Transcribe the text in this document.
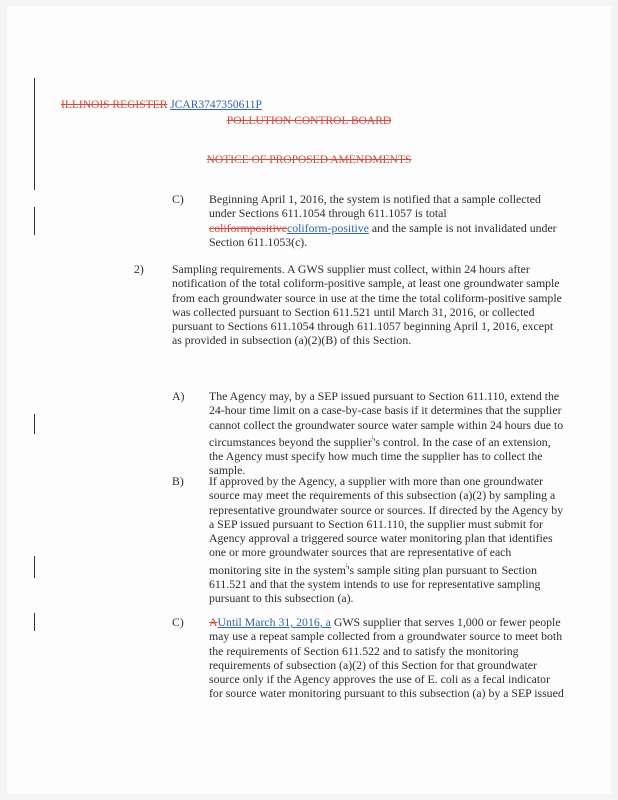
ILLINOIS REGISTER JCAR3747350611P
POLLUTION CONTROL BOARD
NOTICE OF PROPOSED AMENDMENTS
C) Beginning April 1, 2016, the system is notified that a sample collected under Sections 611.1054 through 611.1057 is total coliformpositivecoliform-positive and the sample is not invalidated under Section 611.1053(c).
2) Sampling requirements. A GWS supplier must collect, within 24 hours after notification of the total coliform-positive sample, at least one groundwater sample from each groundwater source in use at the time the total coliform-positive sample was collected pursuant to Section 611.521 until March 31, 2016, or collected pursuant to Sections 611.1054 through 611.1057 beginning April 1, 2016, except as provided in subsection (a)(2)(B) of this Section.
A) The Agency may, by a SEP issued pursuant to Section 611.110, extend the 24-hour time limit on a case-by-case basis if it determines that the supplier cannot collect the groundwater source water sample within 24 hours due to circumstances beyond the supplier''s control. In the case of an extension, the Agency must specify how much time the supplier has to collect the sample.
B) If approved by the Agency, a supplier with more than one groundwater source may meet the requirements of this subsection (a)(2) by sampling a representative groundwater source or sources. If directed by the Agency by a SEP issued pursuant to Section 611.110, the supplier must submit for Agency approval a triggered source water monitoring plan that identifies one or more groundwater sources that are representative of each monitoring site in the system''s sample siting plan pursuant to Section 611.521 and that the system intends to use for representative sampling pursuant to this subsection (a).
C) AUntil March 31, 2016, a GWS supplier that serves 1,000 or fewer people may use a repeat sample collected from a groundwater source to meet both the requirements of Section 611.522 and to satisfy the monitoring requirements of subsection (a)(2) of this Section for that groundwater source only if the Agency approves the use of E. coli as a fecal indicator for source water monitoring pursuant to this subsection (a) by a SEP issued
